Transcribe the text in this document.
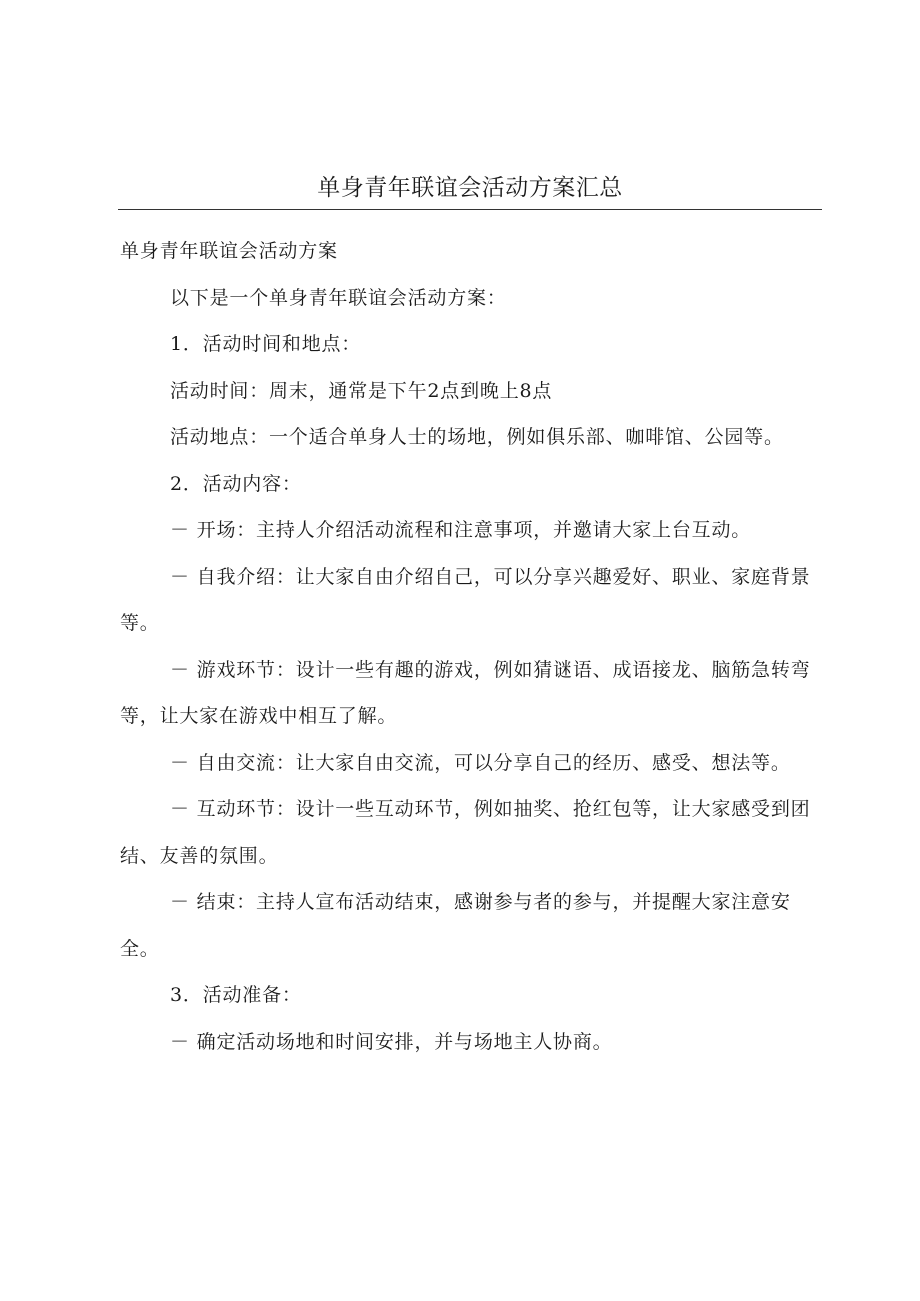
单身青年联谊会活动方案汇总

单身青年联谊会活动方案

以下是一个单身青年联谊会活动方案：

1．活动时间和地点：

活动时间：周末，通常是下午2点到晚上8点

活动地点：一个适合单身人士的场地，例如俱乐部、咖啡馆、公园等。

2．活动内容：

－ 开场：主持人介绍活动流程和注意事项，并邀请大家上台互动。

－ 自我介绍：让大家自由介绍自己，可以分享兴趣爱好、职业、家庭背景等。

－ 游戏环节：设计一些有趣的游戏，例如猜谜语、成语接龙、脑筋急转弯等，让大家在游戏中相互了解。

－ 自由交流：让大家自由交流，可以分享自己的经历、感受、想法等。

－ 互动环节：设计一些互动环节，例如抽奖、抢红包等，让大家感受到团结、友善的氛围。

－ 结束：主持人宣布活动结束，感谢参与者的参与，并提醒大家注意安全。

3．活动准备：

－ 确定活动场地和时间安排，并与场地主人协商。
